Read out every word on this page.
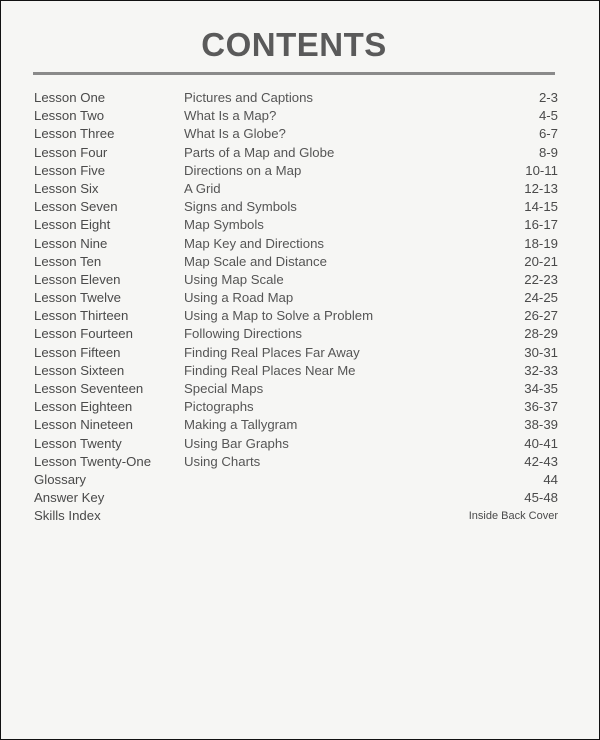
CONTENTS
Lesson One	Pictures and Captions	2-3
Lesson Two	What Is a Map?	4-5
Lesson Three	What Is a Globe?	6-7
Lesson Four	Parts of a Map and Globe	8-9
Lesson Five	Directions on a Map	10-11
Lesson Six	A Grid	12-13
Lesson Seven	Signs and Symbols	14-15
Lesson Eight	Map Symbols	16-17
Lesson Nine	Map Key and Directions	18-19
Lesson Ten	Map Scale and Distance	20-21
Lesson Eleven	Using Map Scale	22-23
Lesson Twelve	Using a Road Map	24-25
Lesson Thirteen	Using a Map to Solve a Problem	26-27
Lesson Fourteen	Following Directions	28-29
Lesson Fifteen	Finding Real Places Far Away	30-31
Lesson Sixteen	Finding Real Places Near Me	32-33
Lesson Seventeen	Special Maps	34-35
Lesson Eighteen	Pictographs	36-37
Lesson Nineteen	Making a Tallygram	38-39
Lesson Twenty	Using Bar Graphs	40-41
Lesson Twenty-One Using Charts	42-43
Glossary	44
Answer Key	45-48
Skills Index	Inside Back Cover
